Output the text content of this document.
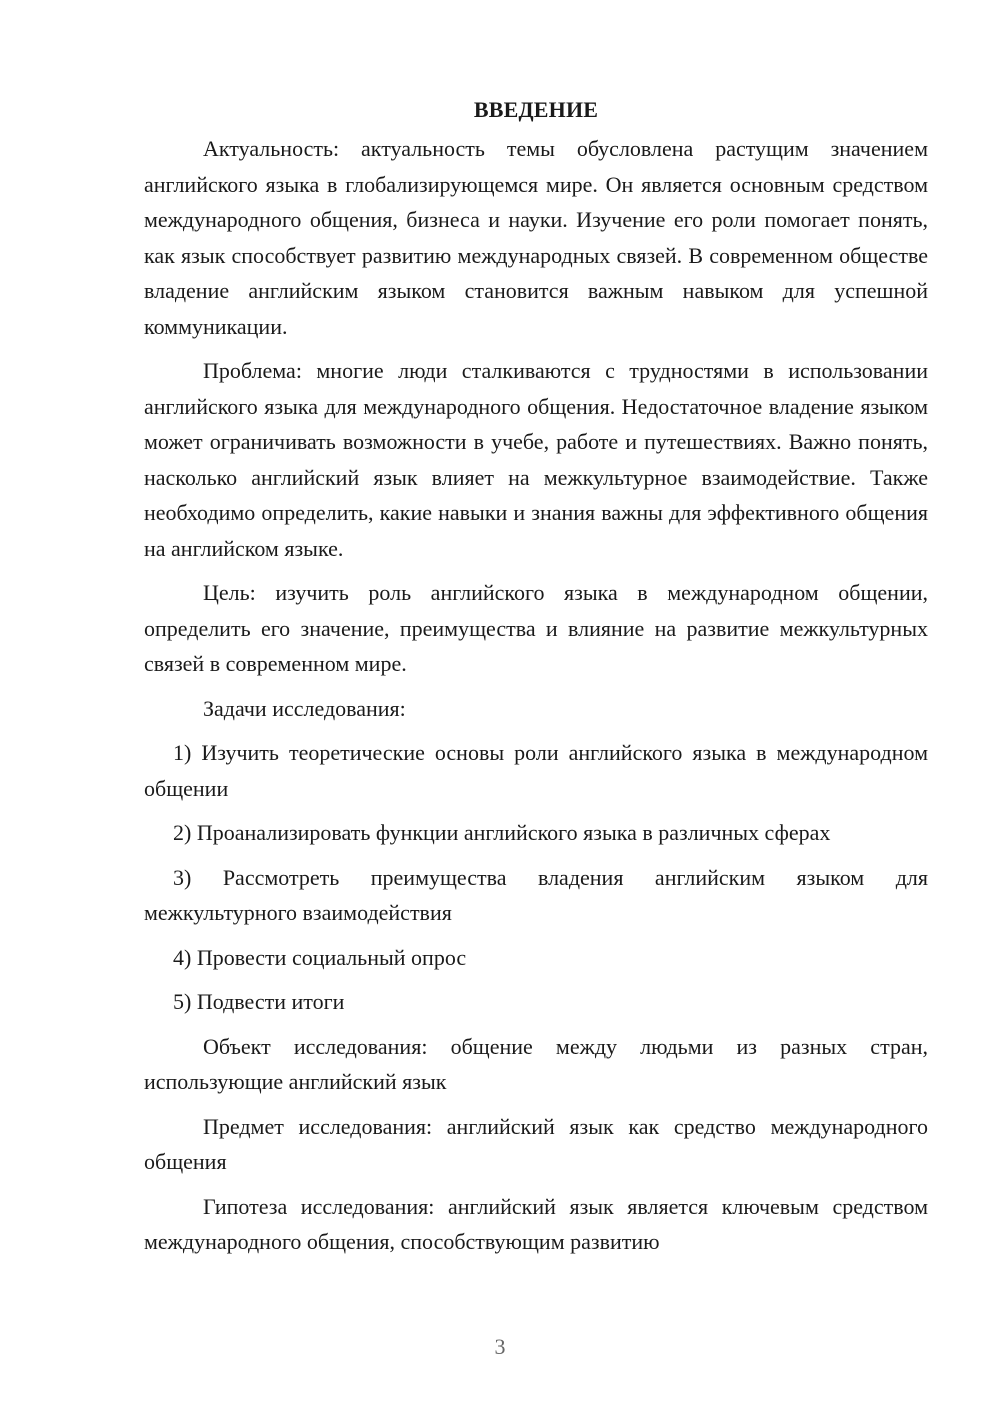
ВВЕДЕНИЕ

Актуальность: актуальность темы обусловлена растущим значением английского языка в глобализирующемся мире. Он является основным средством международного общения, бизнеса и науки. Изучение его роли помогает понять, как язык способствует развитию международных связей. В современном обществе владение английским языком становится важным навыком для успешной коммуникации.

Проблема: многие люди сталкиваются с трудностями в использовании английского языка для международного общения. Недостаточное владение языком может ограничивать возможности в учебе, работе и путешествиях. Важно понять, насколько английский язык влияет на межкультурное взаимодействие. Также необходимо определить, какие навыки и знания важны для эффективного общения на английском языке.

Цель: изучить роль английского языка в международном общении, определить его значение, преимущества и влияние на развитие межкультурных связей в современном мире.

Задачи исследования:

1) Изучить теоретические основы роли английского языка в международном общении

2) Проанализировать функции английского языка в различных сферах

3) Рассмотреть преимущества владения английским языком для межкультурного взаимодействия

4) Провести социальный опрос

5) Подвести итоги

Объект исследования: общение между людьми из разных стран, использующие английский язык

Предмет исследования: английский язык как средство международного общения

Гипотеза исследования: английский язык является ключевым средством международного общения, способствующим развитию

3
